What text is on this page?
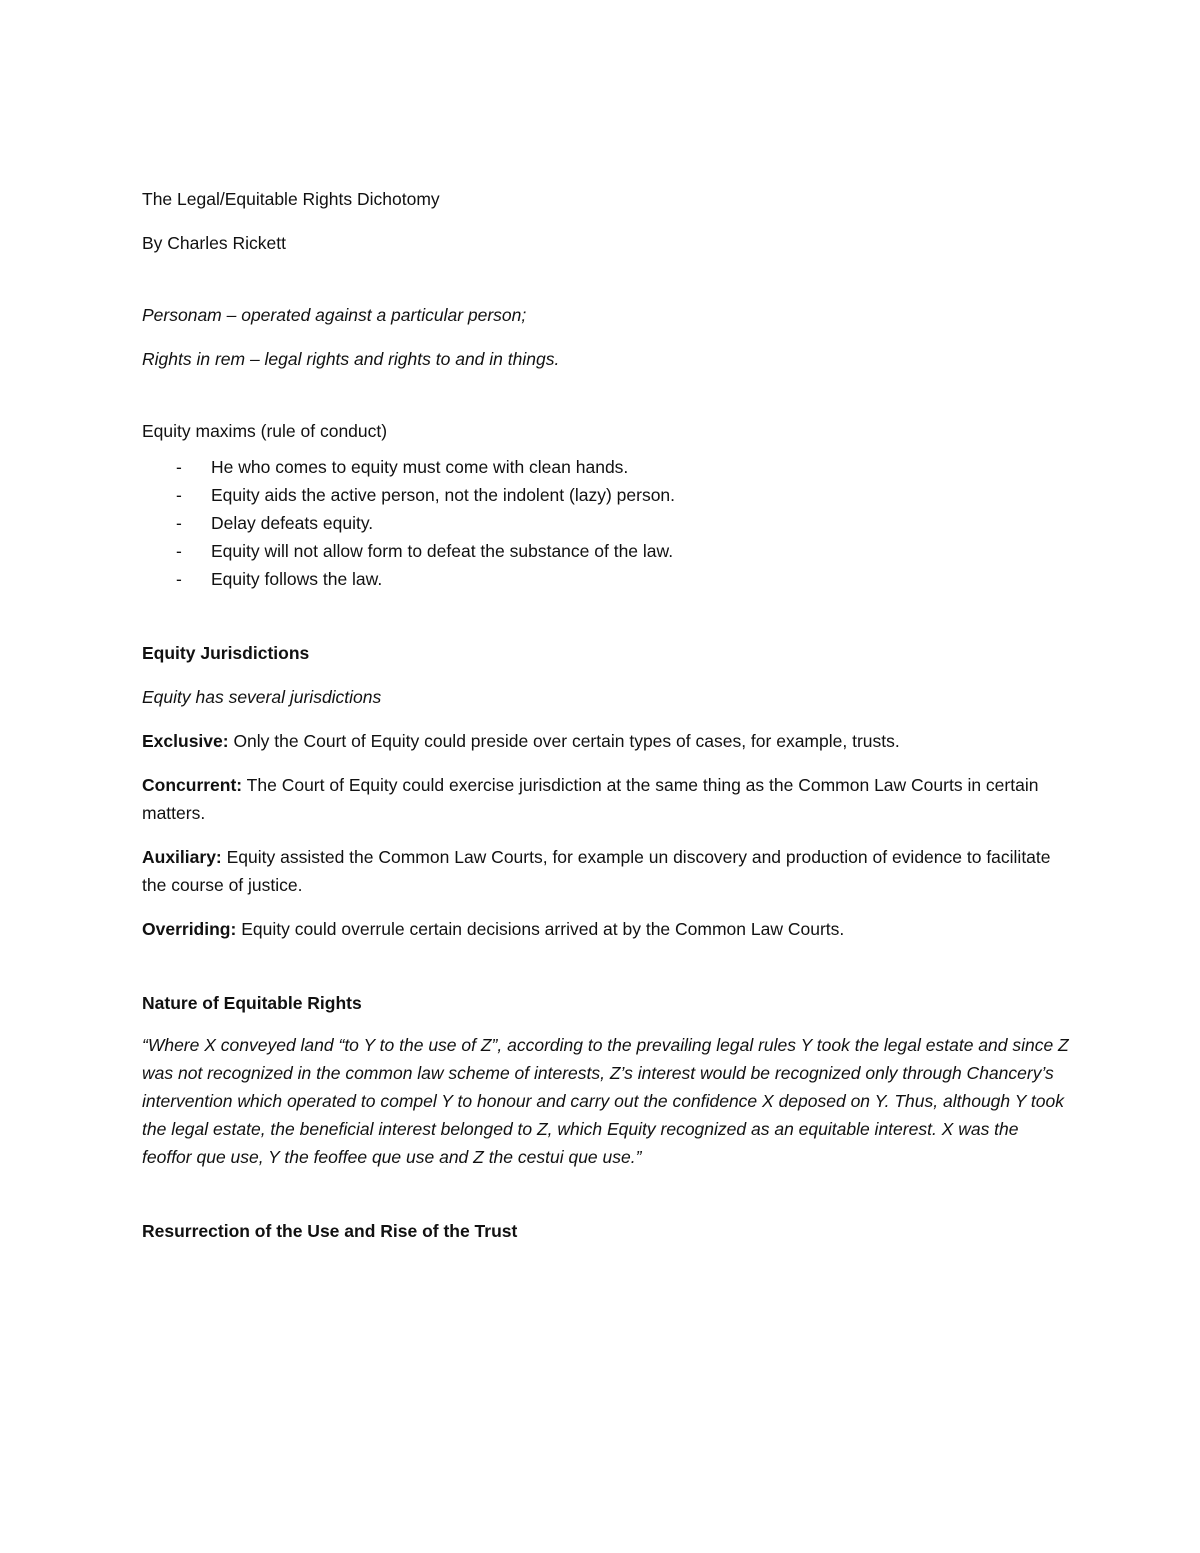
The Legal/Equitable Rights Dichotomy

By Charles Rickett

Personam – operated against a particular person;

Rights in rem – legal rights and rights to and in things.

Equity maxims (rule of conduct)

- He who comes to equity must come with clean hands.
- Equity aids the active person, not the indolent (lazy) person.
- Delay defeats equity.
- Equity will not allow form to defeat the substance of the law.
- Equity follows the law.

Equity Jurisdictions

Equity has several jurisdictions

Exclusive: Only the Court of Equity could preside over certain types of cases, for example, trusts.

Concurrent: The Court of Equity could exercise jurisdiction at the same thing as the Common Law Courts in certain matters.

Auxiliary: Equity assisted the Common Law Courts, for example un discovery and production of evidence to facilitate the course of justice.

Overriding: Equity could overrule certain decisions arrived at by the Common Law Courts.

Nature of Equitable Rights

“Where X conveyed land “to Y to the use of Z”, according to the prevailing legal rules Y took the legal estate and since Z was not recognized in the common law scheme of interests, Z’s interest would be recognized only through Chancery’s intervention which operated to compel Y to honour and carry out the confidence X deposed on Y. Thus, although Y took the legal estate, the beneficial interest belonged to Z, which Equity recognized as an equitable interest. X was the feoffor que use, Y the feoffee que use and Z the cestui que use.”

Resurrection of the Use and Rise of the Trust
